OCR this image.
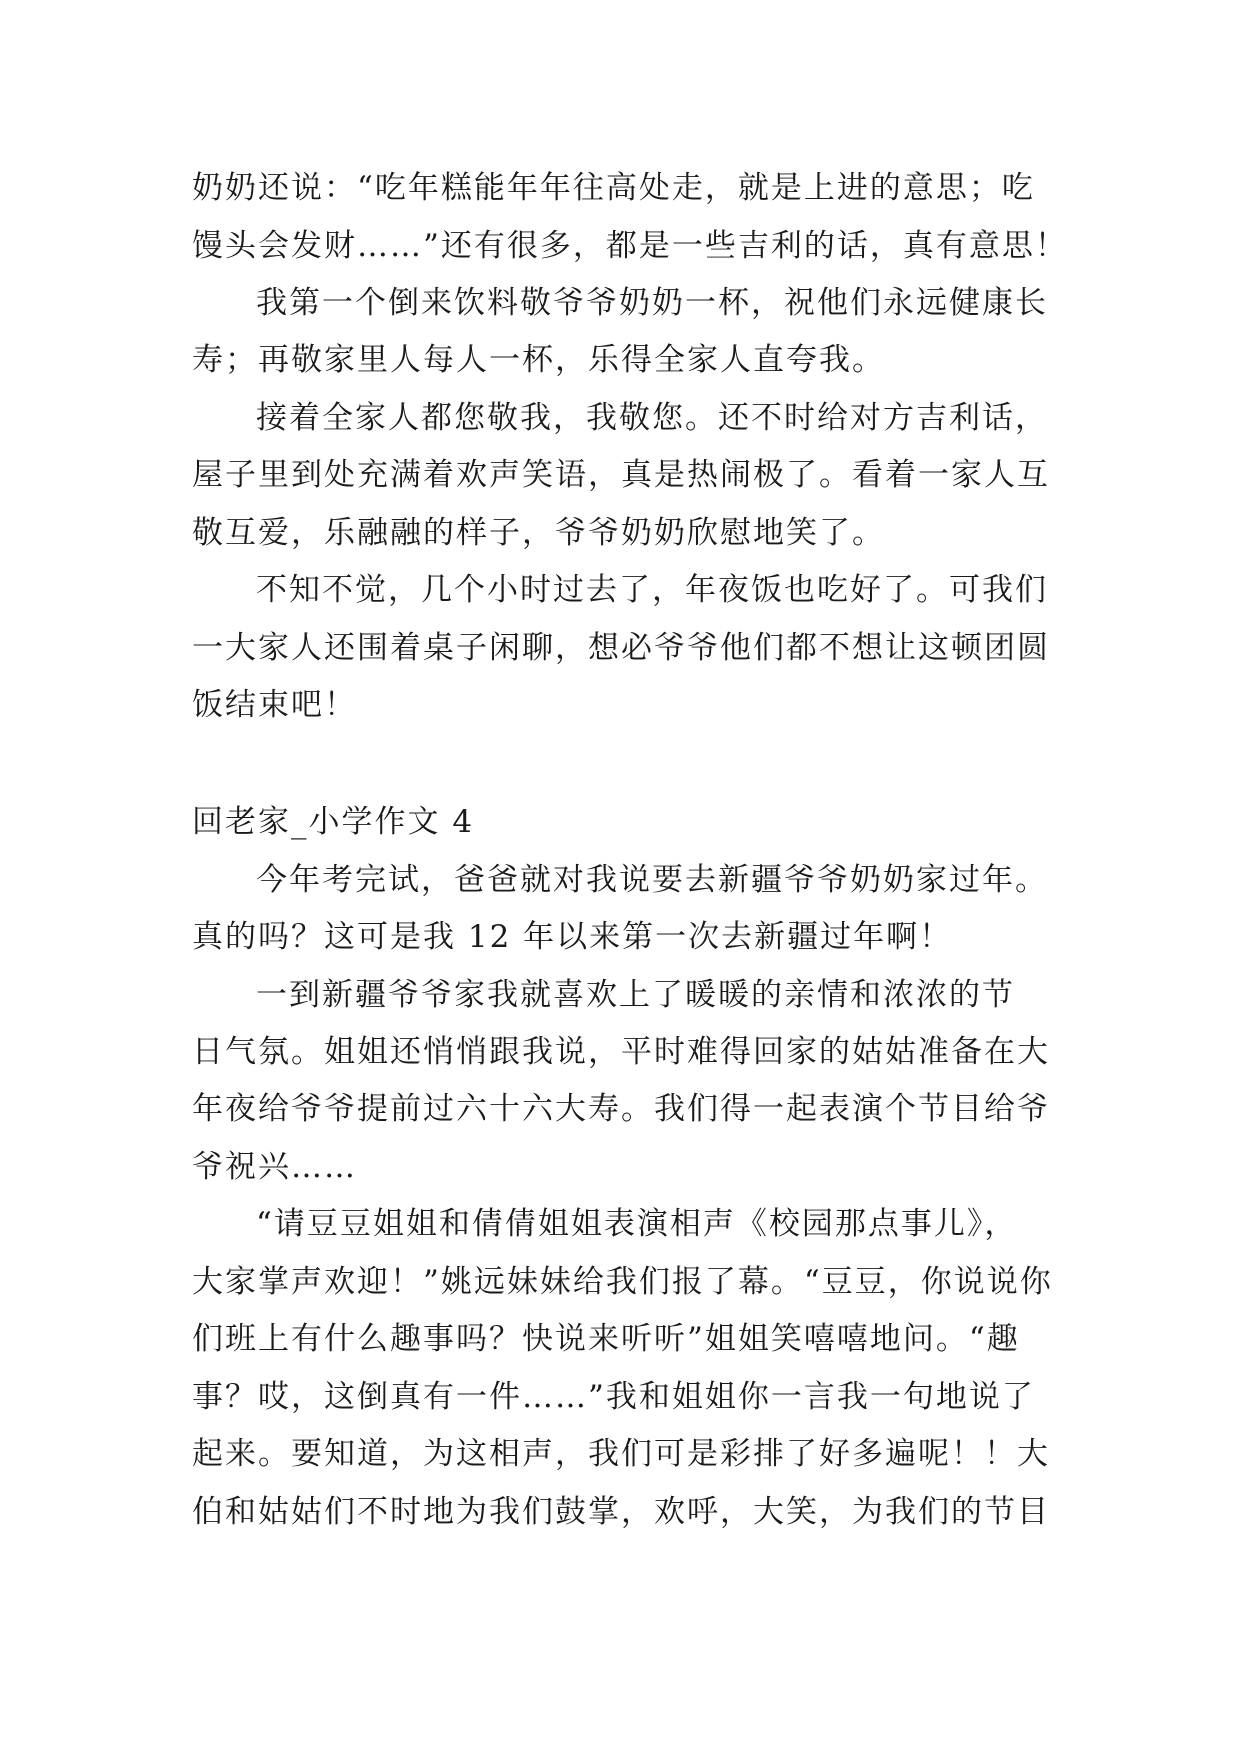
奶奶还说：“吃年糕能年年往高处走，就是上进的意思；吃
馒头会发财……”还有很多，都是一些吉利的话，真有意思！
我第一个倒来饮料敬爷爷奶奶一杯，祝他们永远健康长
寿；再敬家里人每人一杯，乐得全家人直夸我。
接着全家人都您敬我，我敬您。还不时给对方吉利话，
屋子里到处充满着欢声笑语，真是热闹极了。看着一家人互
敬互爱，乐融融的样子，爷爷奶奶欣慰地笑了。
不知不觉，几个小时过去了，年夜饭也吃好了。可我们
一大家人还围着桌子闲聊，想必爷爷他们都不想让这顿团圆
饭结束吧！
回老家_小学作文 4
今年考完试，爸爸就对我说要去新疆爷爷奶奶家过年。
真的吗？这可是我 12 年以来第一次去新疆过年啊！
一到新疆爷爷家我就喜欢上了暖暖的亲情和浓浓的节
日气氛。姐姐还悄悄跟我说，平时难得回家的姑姑准备在大
年夜给爷爷提前过六十六大寿。我们得一起表演个节目给爷
爷祝兴……
“请豆豆姐姐和倩倩姐姐表演相声《校园那点事儿》，
大家掌声欢迎！”姚远妹妹给我们报了幕。“豆豆，你说说你
们班上有什么趣事吗？快说来听听”姐姐笑嘻嘻地问。“趣
事？哎，这倒真有一件……”我和姐姐你一言我一句地说了
起来。要知道，为这相声，我们可是彩排了好多遍呢！！大
伯和姑姑们不时地为我们鼓掌，欢呼，大笑，为我们的节目
